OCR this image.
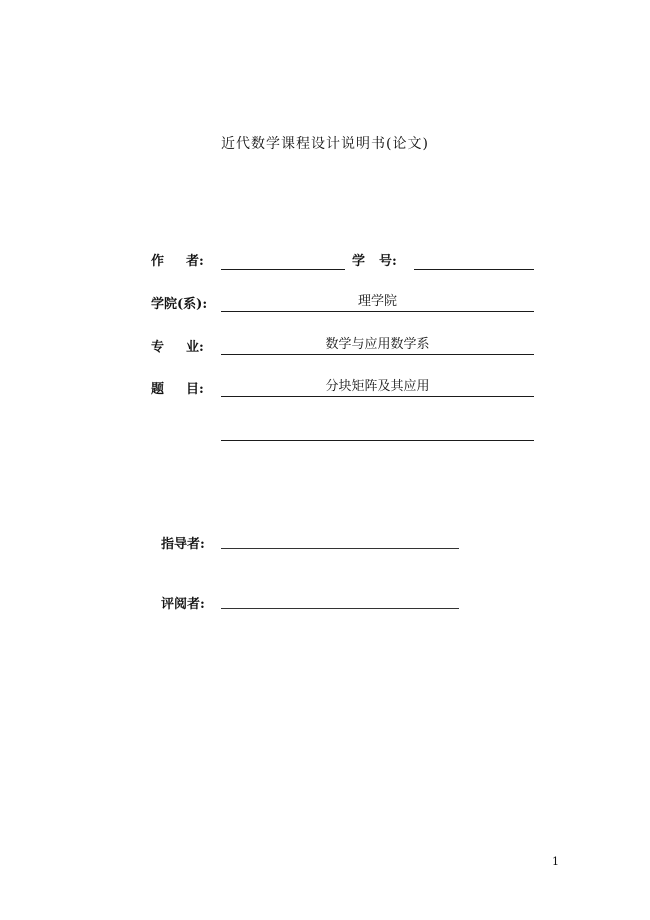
近代数学课程设计说明书(论文)
作 者:	学 号:
学院(系):	理学院
专 业:	数学与应用数学系
题 目:	分块矩阵及其应用
指导者:
评阅者:
1
